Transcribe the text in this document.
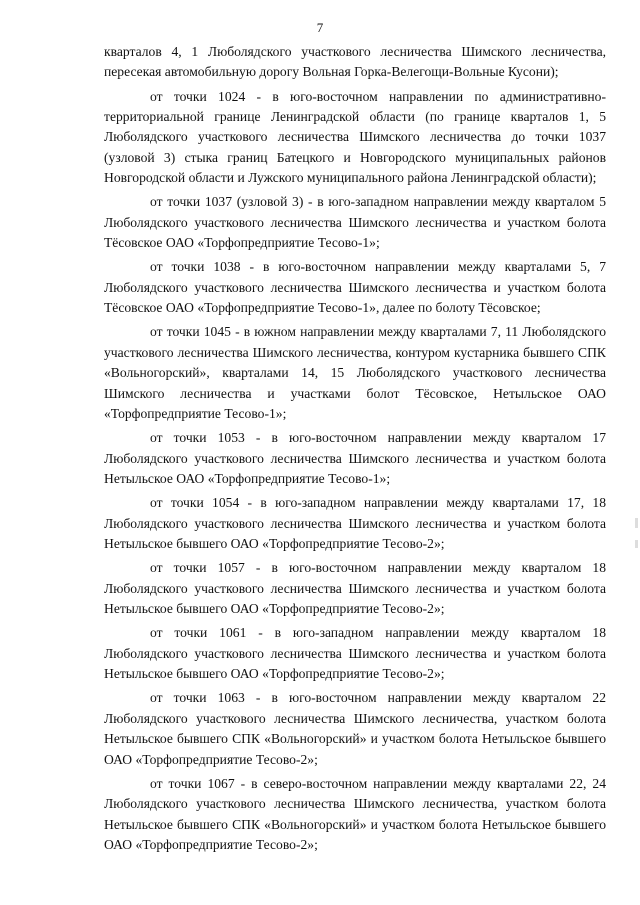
7

кварталов 4, 1 Люболядского участкового лесничества Шимского лесничества, пересекая автомобильную дорогу Вольная Горка-Велегощи-Вольные Кусони);

от точки 1024 - в юго-восточном направлении по административно-территориальной границе Ленинградской области (по границе кварталов 1, 5 Люболядского участкового лесничества Шимского лесничества до точки 1037 (узловой 3) стыка границ Батецкого и Новгородского муниципальных районов Новгородской области и Лужского муниципального района Ленинградской области);

от точки 1037 (узловой 3) - в юго-западном направлении между кварталом 5 Люболядского участкового лесничества Шимского лесничества и участком болота Тёсовское ОАО «Торфопредприятие Тесово-1»;

от точки 1038 - в юго-восточном направлении между кварталами 5, 7 Люболядского участкового лесничества Шимского лесничества и участком болота Тёсовское ОАО «Торфопредприятие Тесово-1», далее по болоту Тёсовское;

от точки 1045 - в южном направлении между кварталами 7, 11 Люболядского участкового лесничества Шимского лесничества, контуром кустарника бывшего СПК «Вольногорский», кварталами 14, 15 Люболядского участкового лесничества Шимского лесничества и участками болот Тёсовское, Нетыльское ОАО «Торфопредприятие Тесово-1»;

от точки 1053 - в юго-восточном направлении между кварталом 17 Люболядского участкового лесничества Шимского лесничества и участком болота Нетыльское ОАО «Торфопредприятие Тесово-1»;

от точки 1054 - в юго-западном направлении между кварталами 17, 18 Люболядского участкового лесничества Шимского лесничества и участком болота Нетыльское бывшего ОАО «Торфопредприятие Тесово-2»;

от точки 1057 - в юго-восточном направлении между кварталом 18 Люболядского участкового лесничества Шимского лесничества и участком болота Нетыльское бывшего ОАО «Торфопредприятие Тесово-2»;

от точки 1061 - в юго-западном направлении между кварталом 18 Люболядского участкового лесничества Шимского лесничества и участком болота Нетыльское бывшего ОАО «Торфопредприятие Тесово-2»;

от точки 1063 - в юго-восточном направлении между кварталом 22 Люболядского участкового лесничества Шимского лесничества, участком болота Нетыльское бывшего СПК «Вольногорский» и участком болота Нетыльское бывшего ОАО «Торфопредприятие Тесово-2»;

от точки 1067 - в северо-восточном направлении между кварталами 22, 24 Люболядского участкового лесничества Шимского лесничества, участком болота Нетыльское бывшего СПК «Вольногорский» и участком болота Нетыльское бывшего ОАО «Торфопредприятие Тесово-2»;
